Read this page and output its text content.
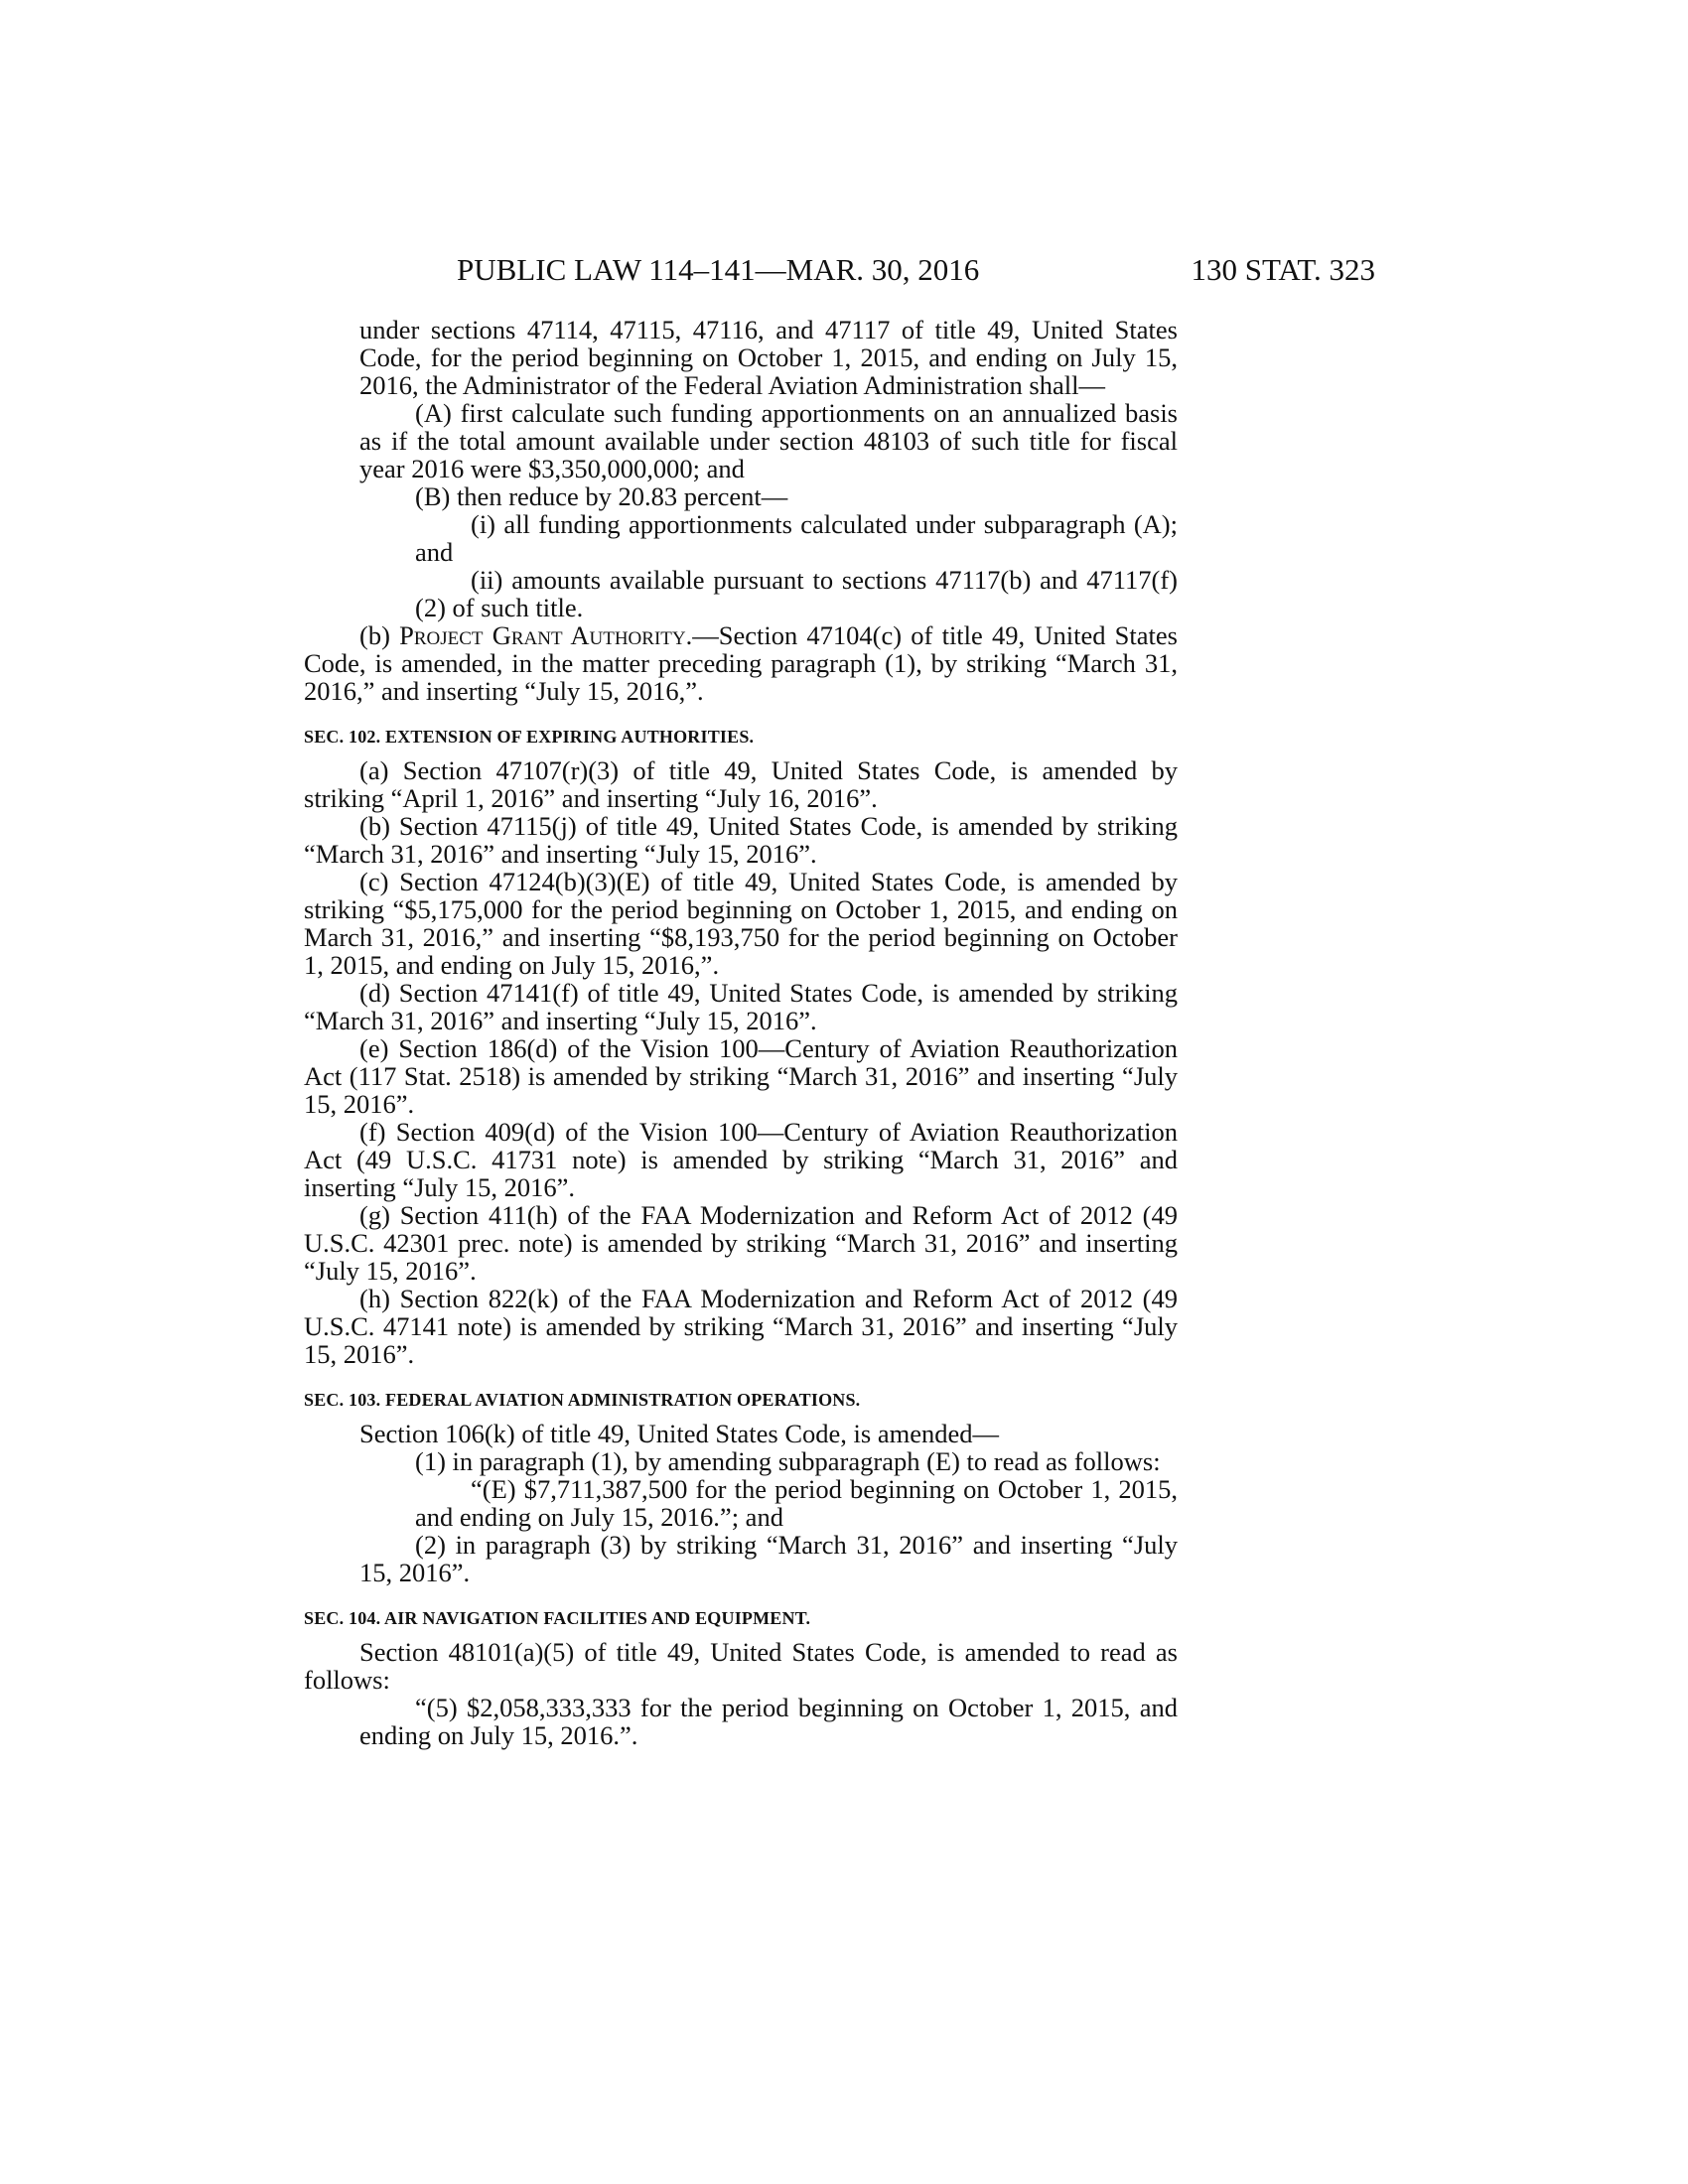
PUBLIC LAW 114–141—MAR. 30, 2016	130 STAT. 323

under sections 47114, 47115, 47116, and 47117 of title 49, United States Code, for the period beginning on October 1, 2015, and ending on July 15, 2016, the Administrator of the Federal Aviation Administration shall—

(A) first calculate such funding apportionments on an annualized basis as if the total amount available under section 48103 of such title for fiscal year 2016 were $3,350,000,000; and

(B) then reduce by 20.83 percent—

(i) all funding apportionments calculated under subparagraph (A); and

(ii) amounts available pursuant to sections 47117(b) and 47117(f)(2) of such title.

(b) Project Grant Authority.—Section 47104(c) of title 49, United States Code, is amended, in the matter preceding paragraph (1), by striking “March 31, 2016,” and inserting “July 15, 2016,”.

SEC. 102. EXTENSION OF EXPIRING AUTHORITIES.

(a) Section 47107(r)(3) of title 49, United States Code, is amended by striking “April 1, 2016” and inserting “July 16, 2016”.

(b) Section 47115(j) of title 49, United States Code, is amended by striking “March 31, 2016” and inserting “July 15, 2016”.

(c) Section 47124(b)(3)(E) of title 49, United States Code, is amended by striking “$5,175,000 for the period beginning on October 1, 2015, and ending on March 31, 2016,” and inserting “$8,193,750 for the period beginning on October 1, 2015, and ending on July 15, 2016,”.

(d) Section 47141(f) of title 49, United States Code, is amended by striking “March 31, 2016” and inserting “July 15, 2016”.

(e) Section 186(d) of the Vision 100—Century of Aviation Reauthorization Act (117 Stat. 2518) is amended by striking “March 31, 2016” and inserting “July 15, 2016”.

(f) Section 409(d) of the Vision 100—Century of Aviation Reauthorization Act (49 U.S.C. 41731 note) is amended by striking “March 31, 2016” and inserting “July 15, 2016”.

(g) Section 411(h) of the FAA Modernization and Reform Act of 2012 (49 U.S.C. 42301 prec. note) is amended by striking “March 31, 2016” and inserting “July 15, 2016”.

(h) Section 822(k) of the FAA Modernization and Reform Act of 2012 (49 U.S.C. 47141 note) is amended by striking “March 31, 2016” and inserting “July 15, 2016”.

SEC. 103. FEDERAL AVIATION ADMINISTRATION OPERATIONS.

Section 106(k) of title 49, United States Code, is amended—

(1) in paragraph (1), by amending subparagraph (E) to read as follows:

“(E) $7,711,387,500 for the period beginning on October 1, 2015, and ending on July 15, 2016.”; and

(2) in paragraph (3) by striking “March 31, 2016” and inserting “July 15, 2016”.

SEC. 104. AIR NAVIGATION FACILITIES AND EQUIPMENT.

Section 48101(a)(5) of title 49, United States Code, is amended to read as follows:

“(5) $2,058,333,333 for the period beginning on October 1, 2015, and ending on July 15, 2016.”.
